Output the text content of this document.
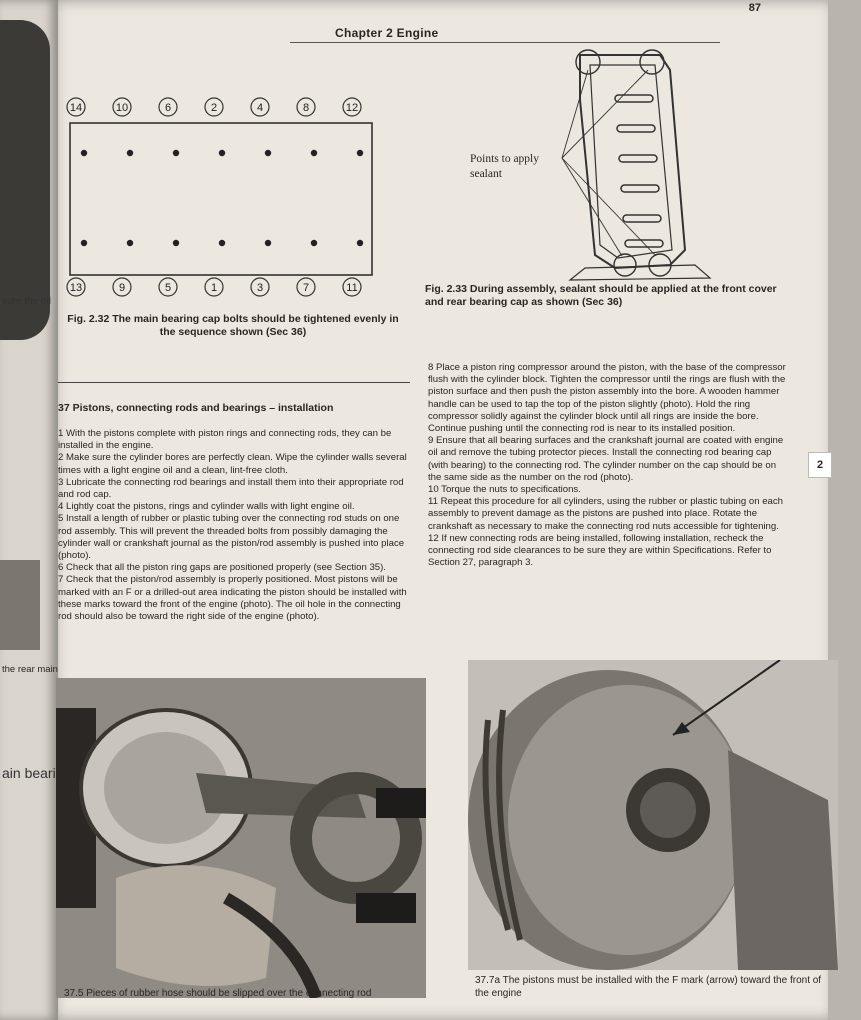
sure the oil
ain beari
87
Chapter 2 Engine
14	10	6	2	4	8	12
13	9	5	1	3	7	11
Points to apply sealant
Fig. 2.32 The main bearing cap bolts should be tightened evenly in the sequence shown (Sec 36)
Fig. 2.33 During assembly, sealant should be applied at the front cover and rear bearing cap as shown (Sec 36)
37 Pistons, connecting rods and bearings – installation

1 With the pistons complete with piston rings and connecting rods, they can be installed in the engine.

2 Make sure the cylinder bores are perfectly clean. Wipe the cylinder walls several times with a light engine oil and a clean, lint-free cloth.

3 Lubricate the connecting rod bearings and install them into their appropriate rod and rod cap.

4 Lightly coat the pistons, rings and cylinder walls with light engine oil.

5 Install a length of rubber or plastic tubing over the connecting rod studs on one rod assembly. This will prevent the threaded bolts from possibly damaging the cylinder wall or crankshaft journal as the piston/rod assembly is pushed into place (photo).

6 Check that all the piston ring gaps are positioned properly (see Section 35).

7 Check that the piston/rod assembly is properly positioned. Most pistons will be marked with an F or a drilled-out area indicating the piston should be installed with these marks toward the front of the engine (photo). The oil hole in the connecting rod should also be toward the right side of the engine (photo).

8 Place a piston ring compressor around the piston, with the base of the compressor flush with the cylinder block. Tighten the compressor until the rings are flush with the piston surface and then push the piston assembly into the bore. A wooden hammer handle can be used to tap the top of the piston slightly (photo). Hold the ring compressor solidly against the cylinder block until all rings are inside the bore. Continue pushing until the connecting rod is near to its installed position.

9 Ensure that all bearing surfaces and the crankshaft journal are coated with engine oil and remove the tubing protector pieces. Install the connecting rod bearing cap (with bearing) to the connecting rod. The cylinder number on the cap should be on the same side as the number on the rod (photo).

10 Torque the nuts to specifications.

11 Repeat this procedure for all cylinders, using the rubber or plastic tubing on each assembly to prevent damage as the pistons are pushed into place. Rotate the crankshaft as necessary to make the connecting rod nuts accessible for tightening.

12 If new connecting rods are being installed, following installation, recheck the connecting rod side clearances to be sure they are within Specifications. Refer to Section 27, paragraph 3.

2
the rear main
37.5 Pieces of rubber hose should be slipped over the connecting rod
37.7a The pistons must be installed with the F mark (arrow) toward the front of the engine
